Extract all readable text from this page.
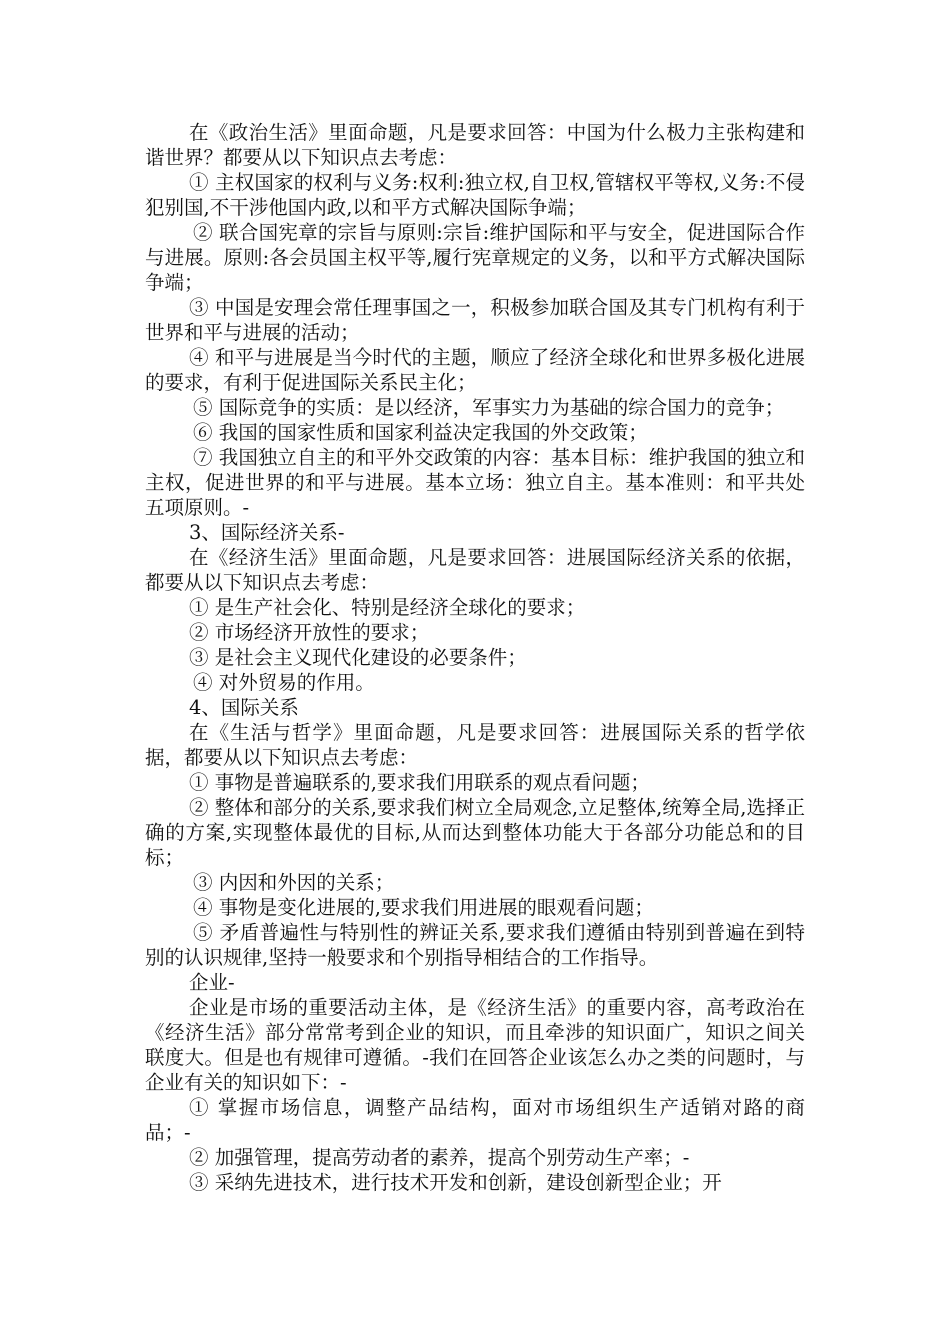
在《政治生活》里面命题，凡是要求回答：中国为什么极力主张构建和谐世界？都要从以下知识点去考虑：

① 主权国家的权利与义务:权利:独立权,自卫权,管辖权平等权,义务:不侵犯别国,不干涉他国内政,以和平方式解决国际争端；

② 联合国宪章的宗旨与原则:宗旨:维护国际和平与安全，促进国际合作与进展。原则:各会员国主权平等,履行宪章规定的义务，以和平方式解决国际争端；

③ 中国是安理会常任理事国之一，积极参加联合国及其专门机构有利于世界和平与进展的活动；

④ 和平与进展是当今时代的主题，顺应了经济全球化和世界多极化进展的要求，有利于促进国际关系民主化；

⑤ 国际竞争的实质：是以经济，军事实力为基础的综合国力的竞争；

⑥ 我国的国家性质和国家利益决定我国的外交政策；

⑦ 我国独立自主的和平外交政策的内容：基本目标：维护我国的独立和主权，促进世界的和平与进展。基本立场：独立自主。基本准则：和平共处五项原则。-

3、国际经济关系-

在《经济生活》里面命题，凡是要求回答：进展国际经济关系的依据，都要从以下知识点去考虑：

① 是生产社会化、特别是经济全球化的要求；

② 市场经济开放性的要求；

③ 是社会主义现代化建设的必要条件；

④ 对外贸易的作用。

4、国际关系

在《生活与哲学》里面命题，凡是要求回答：进展国际关系的哲学依据，都要从以下知识点去考虑：

① 事物是普遍联系的,要求我们用联系的观点看问题；

② 整体和部分的关系,要求我们树立全局观念,立足整体,统筹全局,选择正确的方案,实现整体最优的目标,从而达到整体功能大于各部分功能总和的目标；

③ 内因和外因的关系；

④ 事物是变化进展的,要求我们用进展的眼观看问题；

⑤ 矛盾普遍性与特别性的辨证关系,要求我们遵循由特别到普遍在到特别的认识规律,坚持一般要求和个别指导相结合的工作指导。

企业-

企业是市场的重要活动主体，是《经济生活》的重要内容，高考政治在《经济生活》部分常常考到企业的知识，而且牵涉的知识面广，知识之间关联度大。但是也有规律可遵循。-我们在回答企业该怎么办之类的问题时，与企业有关的知识如下：-

① 掌握市场信息，调整产品结构，面对市场组织生产适销对路的商品；-

② 加强管理，提高劳动者的素养，提高个别劳动生产率；-

③ 采纳先进技术，进行技术开发和创新，建设创新型企业；开
